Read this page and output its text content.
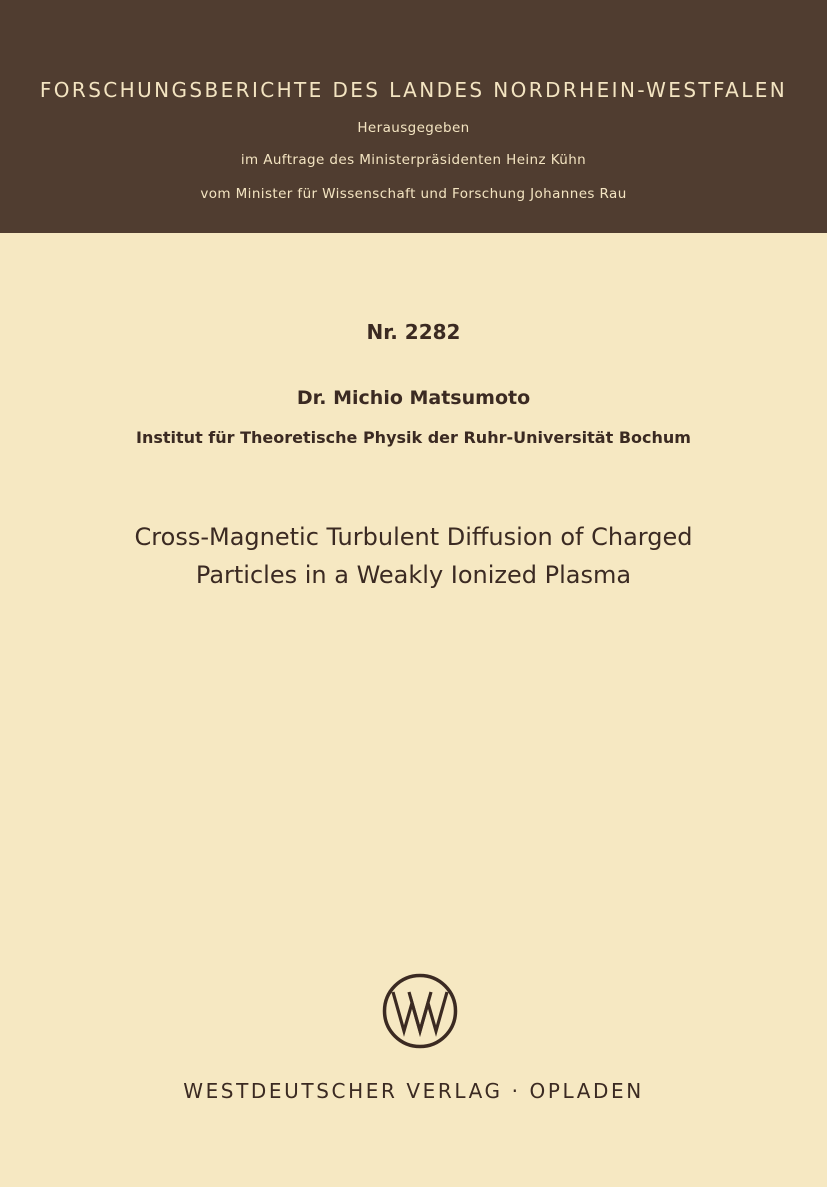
FORSCHUNGSBERICHTE DES LANDES NORDRHEIN-WESTFALEN
Herausgegeben
im Auftrage des Ministerpräsidenten Heinz Kühn
vom Minister für Wissenschaft und Forschung Johannes Rau
Nr. 2282
Dr. Michio Matsumoto
Institut für Theoretische Physik der Ruhr-Universität Bochum
Cross-Magnetic Turbulent Diffusion of Charged
Particles in a Weakly Ionized Plasma
WESTDEUTSCHER VERLAG · OPLADEN
